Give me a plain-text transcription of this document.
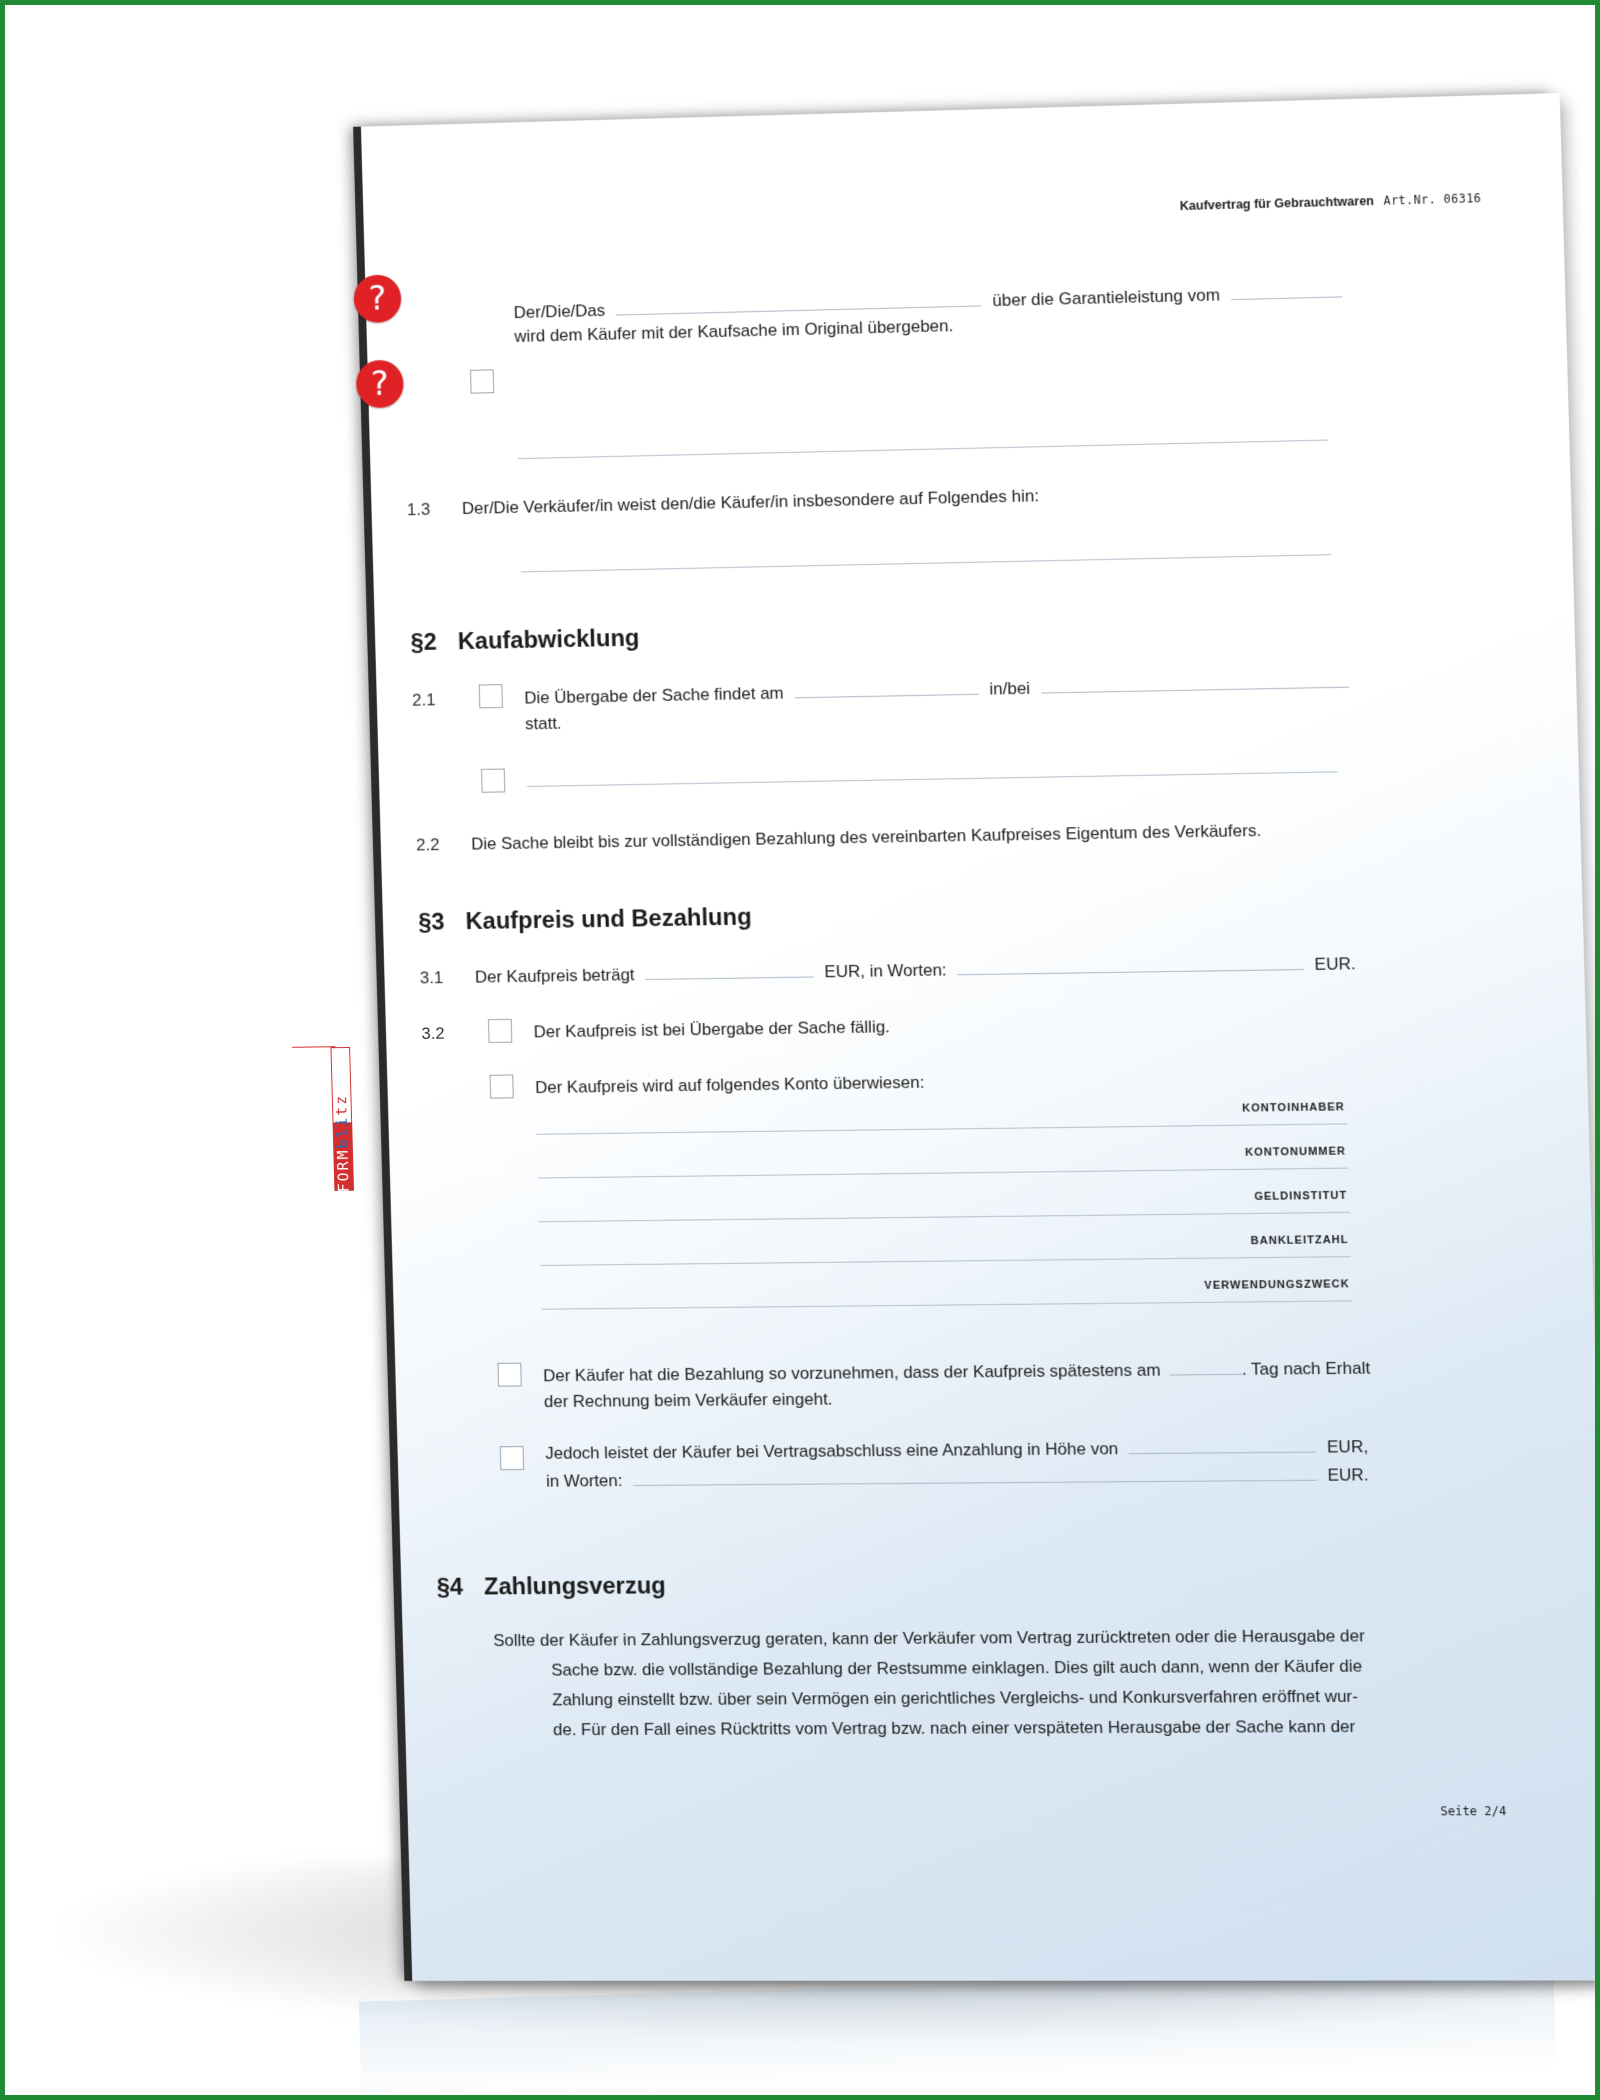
Kaufvertrag für Gebrauchtwaren Art.Nr. 06316
?
?
FORMblitz
Der/Die/Das  über die Garantieleistung vom
wird dem Käufer mit der Kaufsache im Original übergeben.
1.3 Der/Die Verkäufer/in weist den/die Käufer/in insbesondere auf Folgendes hin:
§2 Kaufabwicklung
2.1	Die Übergabe der Sache findet am	in/bei
statt.
2.2 Die Sache bleibt bis zur vollständigen Bezahlung des vereinbarten Kaufpreises Eigentum des Verkäufers.
§3 Kaufpreis und Bezahlung
3.1 Der Kaufpreis beträgt	EUR, in Worten:	EUR.
3.2	Der Kaufpreis ist bei Übergabe der Sache fällig.
Der Kaufpreis wird auf folgendes Konto überwiesen:
KONTOINHABER
KONTONUMMER
GELDINSTITUT
BANKLEITZAHL
VERWENDUNGSZWECK
Der Käufer hat die Bezahlung so vorzunehmen, dass der Kaufpreis spätestens am	. Tag nach Erhalt
der Rechnung beim Verkäufer eingeht.
Jedoch leistet der Käufer bei Vertragsabschluss eine Anzahlung in Höhe von	EUR,
in Worten:	EUR.
§4 Zahlungsverzug
Sollte der Käufer in Zahlungsverzug geraten, kann der Verkäufer vom Vertrag zurücktreten oder die Herausgabe der
Sache bzw. die vollständige Bezahlung der Restsumme einklagen. Dies gilt auch dann, wenn der Käufer die
Zahlung einstellt bzw. über sein Vermögen ein gerichtliches Vergleichs- und Konkursverfahren eröffnet wur-
de. Für den Fall eines Rücktritts vom Vertrag bzw. nach einer verspäteten Herausgabe der Sache kann der
Seite 2/4
